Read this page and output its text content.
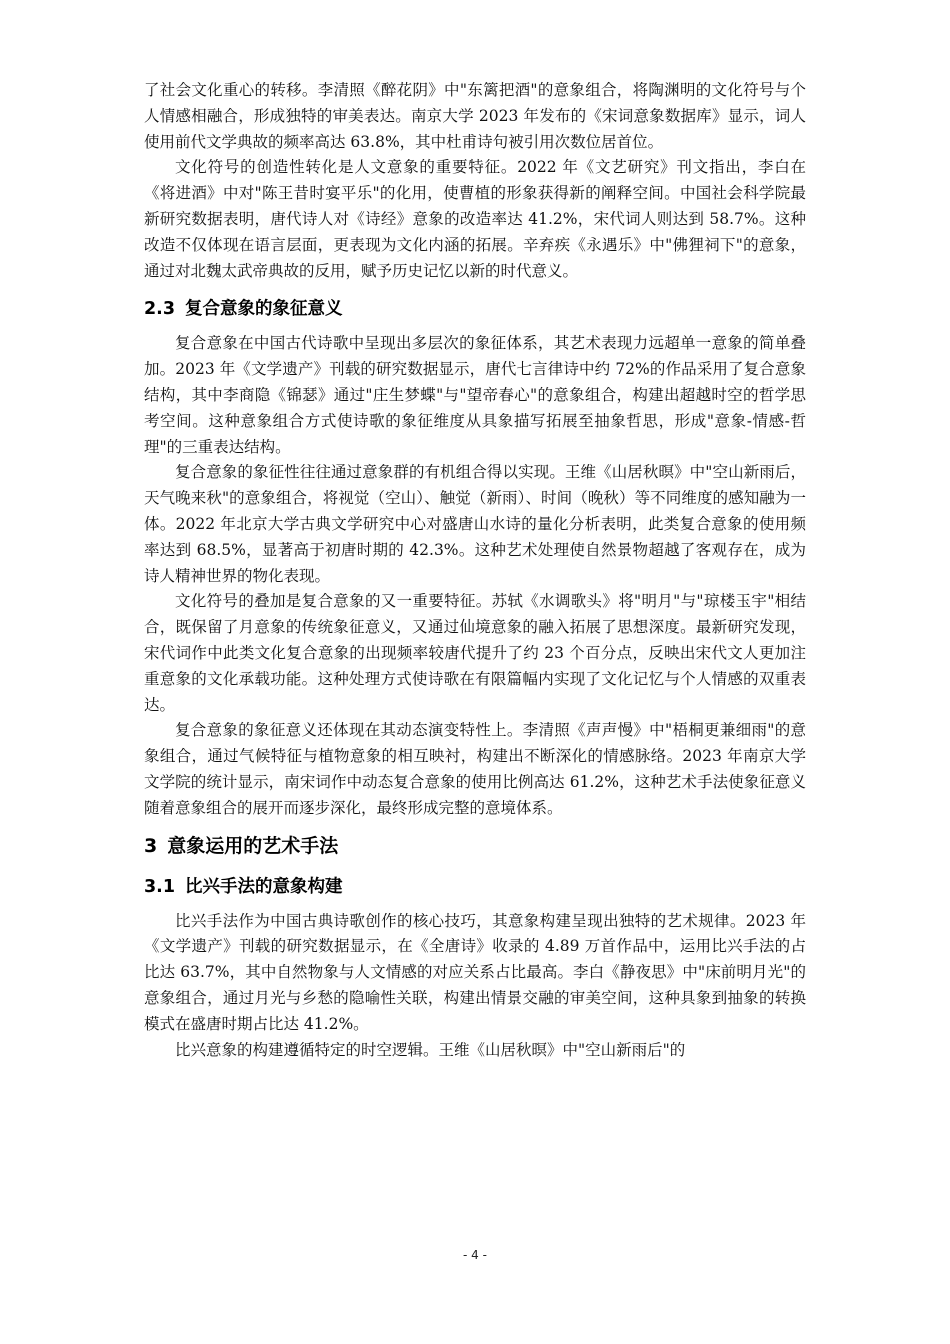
了社会文化重心的转移。李清照《醉花阴》中"东篱把酒"的意象组合，将陶渊明的文化符号与个人情感相融合，形成独特的审美表达。南京大学 2023 年发布的《宋词意象数据库》显示，词人使用前代文学典故的频率高达 63.8%，其中杜甫诗句被引用次数位居首位。

文化符号的创造性转化是人文意象的重要特征。2022 年《文艺研究》刊文指出，李白在《将进酒》中对"陈王昔时宴平乐"的化用，使曹植的形象获得新的阐释空间。中国社会科学院最新研究数据表明，唐代诗人对《诗经》意象的改造率达 41.2%，宋代词人则达到 58.7%。这种改造不仅体现在语言层面，更表现为文化内涵的拓展。辛弃疾《永遇乐》中"佛狸祠下"的意象，通过对北魏太武帝典故的反用，赋予历史记忆以新的时代意义。

2.3 复合意象的象征意义

复合意象在中国古代诗歌中呈现出多层次的象征体系，其艺术表现力远超单一意象的简单叠加。2023 年《文学遗产》刊载的研究数据显示，唐代七言律诗中约 72%的作品采用了复合意象结构，其中李商隐《锦瑟》通过"庄生梦蝶"与"望帝春心"的意象组合，构建出超越时空的哲学思考空间。这种意象组合方式使诗歌的象征维度从具象描写拓展至抽象哲思，形成"意象-情感-哲理"的三重表达结构。

复合意象的象征性往往通过意象群的有机组合得以实现。王维《山居秋暝》中"空山新雨后，天气晚来秋"的意象组合，将视觉（空山）、触觉（新雨）、时间（晚秋）等不同维度的感知融为一体。2022 年北京大学古典文学研究中心对盛唐山水诗的量化分析表明，此类复合意象的使用频率达到 68.5%，显著高于初唐时期的 42.3%。这种艺术处理使自然景物超越了客观存在，成为诗人精神世界的物化表现。

文化符号的叠加是复合意象的又一重要特征。苏轼《水调歌头》将"明月"与"琼楼玉宇"相结合，既保留了月意象的传统象征意义，又通过仙境意象的融入拓展了思想深度。最新研究发现，宋代词作中此类文化复合意象的出现频率较唐代提升了约 23 个百分点，反映出宋代文人更加注重意象的文化承载功能。这种处理方式使诗歌在有限篇幅内实现了文化记忆与个人情感的双重表达。

复合意象的象征意义还体现在其动态演变特性上。李清照《声声慢》中"梧桐更兼细雨"的意象组合，通过气候特征与植物意象的相互映衬，构建出不断深化的情感脉络。2023 年南京大学文学院的统计显示，南宋词作中动态复合意象的使用比例高达 61.2%，这种艺术手法使象征意义随着意象组合的展开而逐步深化，最终形成完整的意境体系。

3 意象运用的艺术手法
3.1 比兴手法的意象构建

比兴手法作为中国古典诗歌创作的核心技巧，其意象构建呈现出独特的艺术规律。2023 年《文学遗产》刊载的研究数据显示，在《全唐诗》收录的 4.89 万首作品中，运用比兴手法的占比达 63.7%，其中自然物象与人文情感的对应关系占比最高。李白《静夜思》中"床前明月光"的意象组合，通过月光与乡愁的隐喻性关联，构建出情景交融的审美空间，这种具象到抽象的转换模式在盛唐时期占比达 41.2%。

比兴意象的构建遵循特定的时空逻辑。王维《山居秋暝》中"空山新雨后"的

- 4 -
